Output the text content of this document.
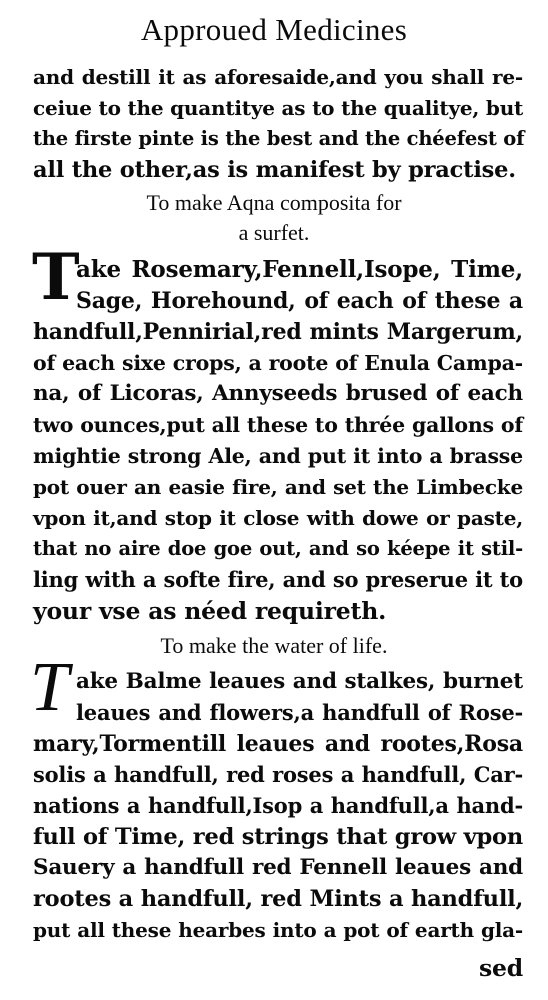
Approued Medicines
and destill it as aforesaide,and you shall re-
ceiue to the quantitye as to the qualitye, but
the firste pinte is the best and the chéefest of
all the other,as is manifest by practise.
To make Aqna composita for
a surfet.
T
ake Rosemary,Fennell,Isope, Time,
Sage, Horehound, of each of these a
handfull,Pennirial,red mints Margerum,
of each sixe crops, a roote of Enula Campa-
na, of Licoras, Annyseeds brused of each
two ounces,put all these to thrée gallons of
mightie strong Ale, and put it into a brasse
pot ouer an easie fire, and set the Limbecke
vpon it,and stop it close with dowe or paste,
that no aire doe goe out, and so kéepe it stil-
ling with a softe fire, and so preserue it to
your vse as néed requireth.
To make the water of life.
T ake Balme leaues and stalkes, burnet
leaues and flowers,a handfull of Rose-
mary,Tormentill leaues and rootes,Rosa
solis a handfull, red roses a handfull, Car-
nations a handfull,Isop a handfull,a hand-
full of Time, red strings that grow vpon
Sauery a handfull red Fennell leaues and
rootes a handfull, red Mints a handfull,
put all these hearbes into a pot of earth gla-
sed
